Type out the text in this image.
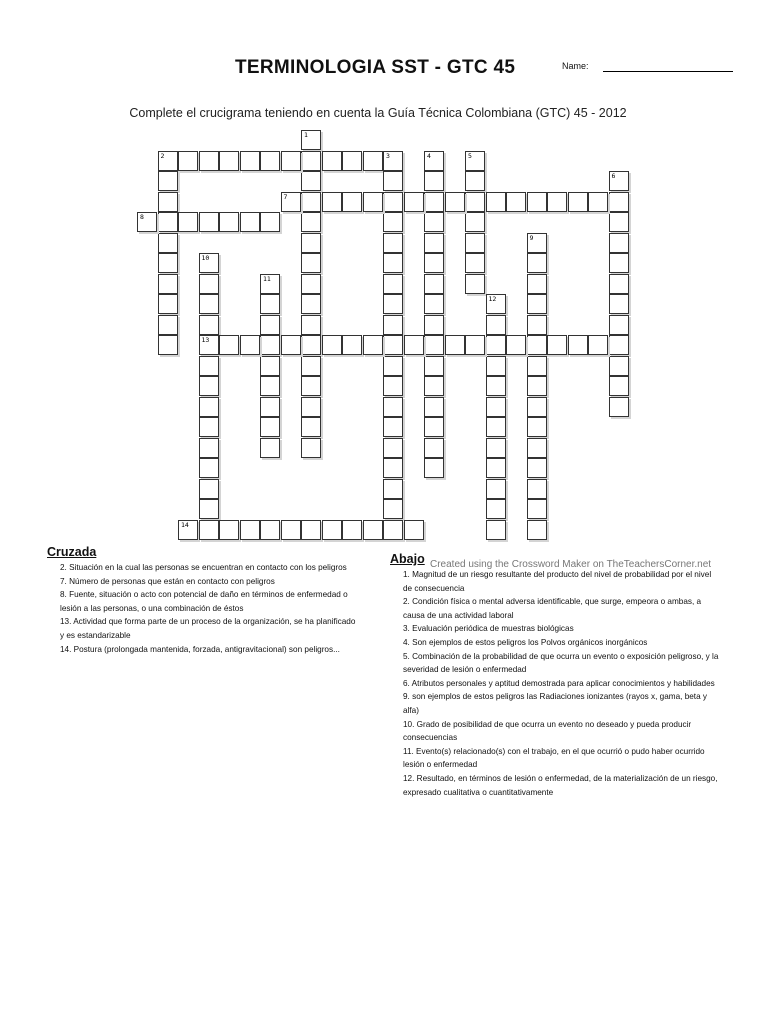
TERMINOLOGIA SST - GTC 45	Name:
Complete el crucigrama teniendo en cuenta la Guía Técnica Colombiana (GTC) 45 - 2012
1
2	3	4	5
6
7
8
9
10
13
11
12
14
Cruzada
2. Situación en la cual las personas se encuentran en contacto con los peligros
7. Número de personas que están en contacto con peligros
8. Fuente, situación o acto con potencial de daño en términos de enfermedad o lesión a las personas, o una combinación de éstos
13. Actividad que forma parte de un proceso de la organización, se ha planificado y es estandarizable
14. Postura (prolongada mantenida, forzada, antigravitacional) son peligros...
Abajo Created using the Crossword Maker on TheTeachersCorner.net
1. Magnitud de un riesgo resultante del producto del nivel de probabilidad por el nivel de consecuencia
2. Condición física o mental adversa identificable, que surge, empeora o ambas, a causa de una actividad laboral
3. Evaluación periódica de muestras biológicas
4. Son ejemplos de estos peligros los Polvos orgánicos inorgánicos
5. Combinación de la probabilidad de que ocurra un evento o exposición peligroso, y la severidad de lesión o enfermedad
6. Atributos personales y aptitud demostrada para aplicar conocimientos y habilidades
9. son ejemplos de estos peligros las Radiaciones ionizantes (rayos x, gama, beta y alfa)
10. Grado de posibilidad de que ocurra un evento no deseado y pueda producir consecuencias
11. Evento(s) relacionado(s) con el trabajo, en el que ocurrió o pudo haber ocurrido lesión o enfermedad
12. Resultado, en términos de lesión o enfermedad, de la materialización de un riesgo, expresado cualitativa o cuantitativamente
